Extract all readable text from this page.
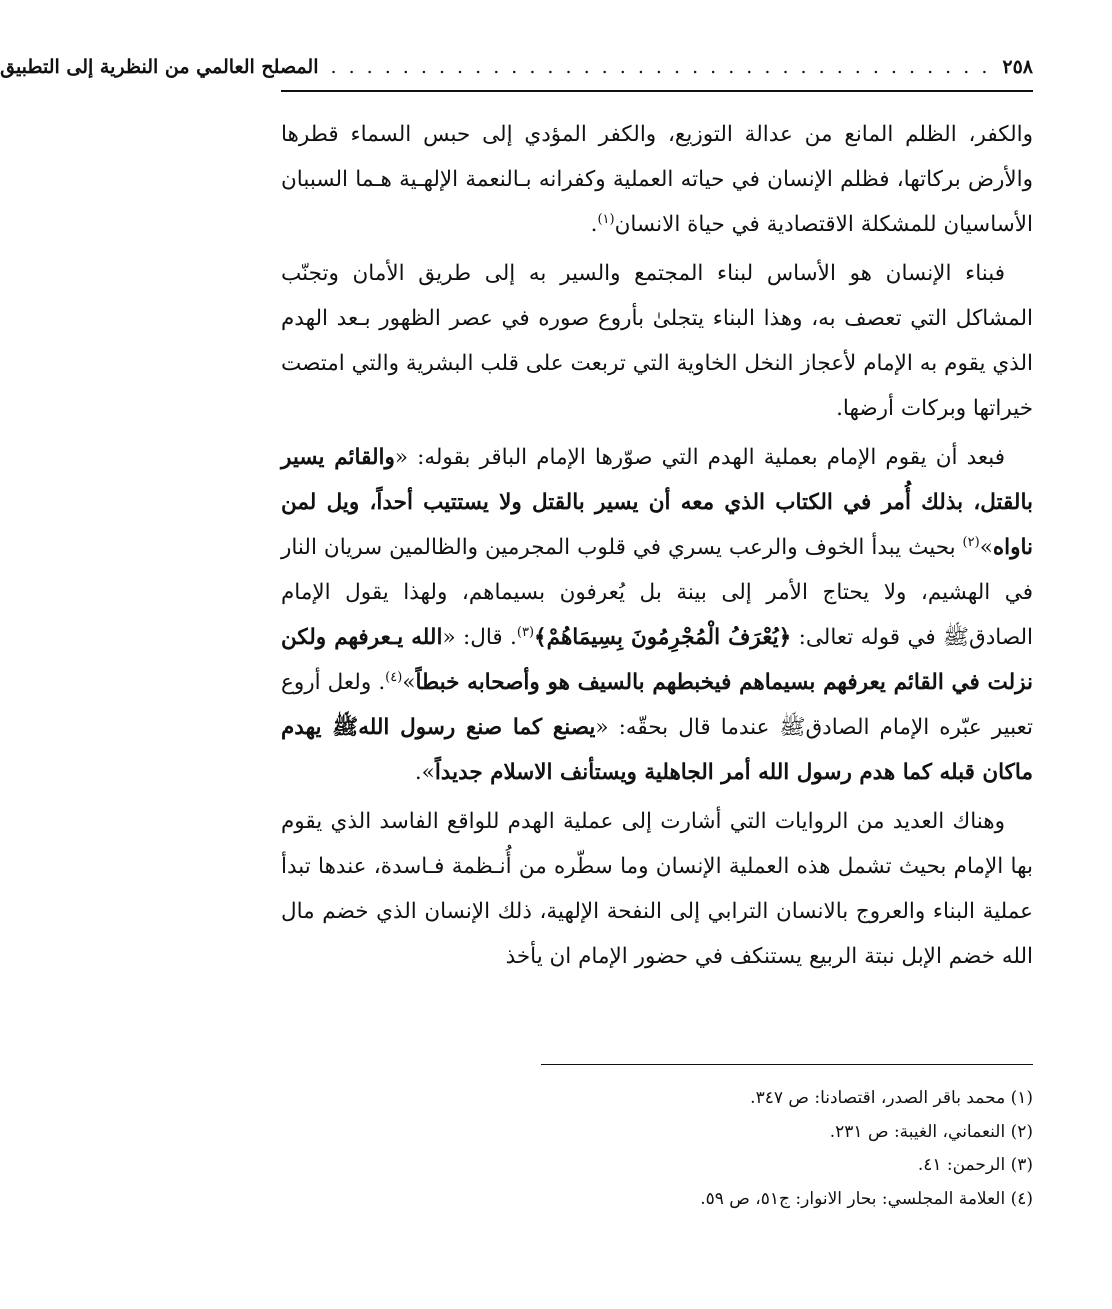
٢٥٨
. . . . . . . . . . . . . . . . . . . . . . . . . . . . . . . . . . . . .
المصلح العالمي من النظرية إلى التطبيق

والكفر، الظلم المانع من عدالة التوزيع، والكفر المؤدي إلى حبس السماء قطرها والأرض بركاتها، فظلم الإنسان في حياته العملية وكفرانه بـالنعمة الإلهـية هـما السببان الأساسيان للمشكلة الاقتصادية في حياة الانسان$^{(١)}$.

فبناء الإنسان هو الأساس لبناء المجتمع والسير به إلى طريق الأمان وتجنّب المشاكل التي تعصف به، وهذا البناء يتجلىٰ بأروع صوره في عصر الظهور بـعد الهدم الذي يقوم به الإمام لأعجاز النخل الخاوية التي تربعت على قلب البشرية والتي امتصت خيراتها وبركات أرضها.

فبعد أن يقوم الإمام بعملية الهدم التي صوّرها الإمام الباقر بقوله: «والقائم يسير بالقتل، بذلك أُمر في الكتاب الذي معه أن يسير بالقتل ولا يستتيب أحداً، ويل لمن ناواه»$^{(٢)}$ بحيث يبدأ الخوف والرعب يسري في قلوب المجرمين والظالمين سريان النار في الهشيم، ولا يحتاج الأمر إلى بينة بل يُعرفون بسيماهم، ولهذا يقول الإمام الصادقﷺ في قوله تعالى: ﴿يُعْرَفُ الْمُجْرِمُونَ بِسِيمَاهُمْ﴾$^{(٣)}$. قال: «الله يـعرفهم ولكن نزلت في القائم يعرفهم بسيماهم فيخبطهم بالسيف هو وأصحابه خبطاً»$^{(٤)}$. ولعل أروع تعبير عبّره الإمام الصادقﷺ عندما قال بحقّه: «يصنع كما صنع رسول اللهﷺ يهدم ماكان قبله كما هدم رسول الله أمر الجاهلية ويستأنف الاسلام جديداً».

وهناك العديد من الروايات التي أشارت إلى عملية الهدم للواقع الفاسد الذي يقوم بها الإمام بحيث تشمل هذه العملية الإنسان وما سطّره من أُنـظمة فـاسدة، عندها تبدأ عملية البناء والعروج بالانسان الترابي إلى النفحة الإلهية، ذلك الإنسان الذي خضم مال الله خضم الإبل نبتة الربيع يستنكف في حضور الإمام ان يأخذ

(١) محمد باقر الصدر، اقتصادنا: ص ٣٤٧.

(٢) النعماني، الغيبة: ص ٢٣١.

(٣) الرحمن: ٤١.

(٤) العلامة المجلسي: بحار الانوار: ج٥١، ص ٥٩.
